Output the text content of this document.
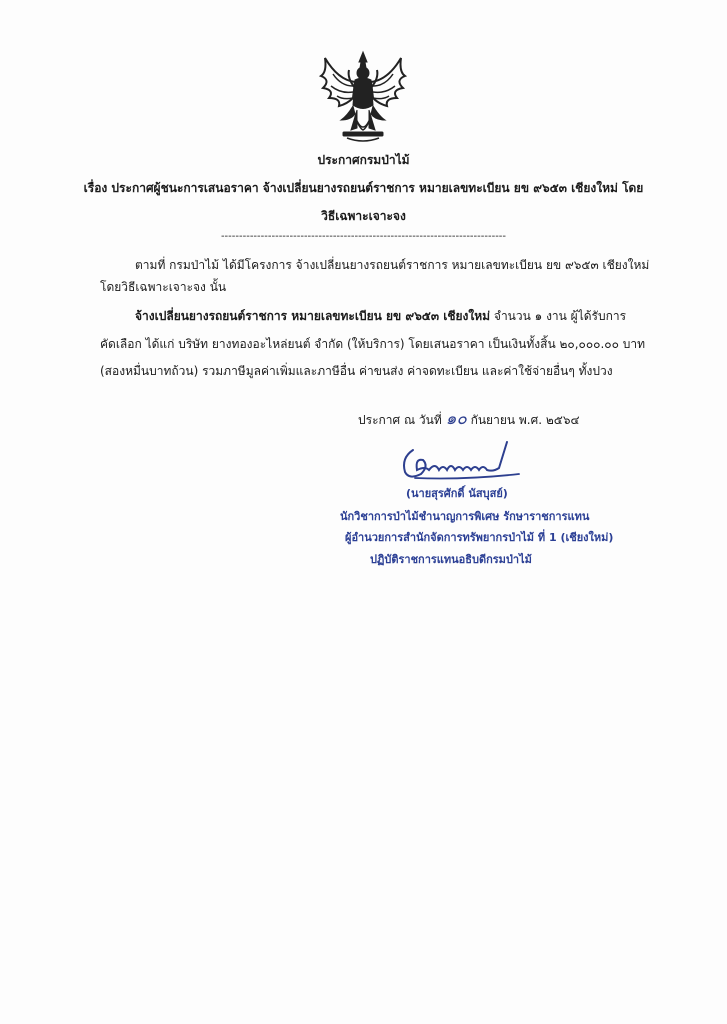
ประกาศกรมป่าไม้
เรื่อง ประกาศผู้ชนะการเสนอราคา จ้างเปลี่ยนยางรถยนต์ราชการ หมายเลขทะเบียน ยข ๙๖๕๓ เชียงใหม่ โดย
วิธีเฉพาะเจาะจง
-------------------------------------------------------------------------------
ตามที่ กรมป่าไม้ ได้มีโครงการ จ้างเปลี่ยนยางรถยนต์ราชการ หมายเลขทะเบียน ยข ๙๖๕๓ เชียงใหม่
โดยวิธีเฉพาะเจาะจง นั้น
จ้างเปลี่ยนยางรถยนต์ราชการ หมายเลขทะเบียน ยข ๙๖๕๓ เชียงใหม่ จำนวน ๑ งาน ผู้ได้รับการ
คัดเลือก ได้แก่ บริษัท ยางทองอะไหล่ยนต์ จำกัด (ให้บริการ) โดยเสนอราคา เป็นเงินทั้งสิ้น ๒๐,๐๐๐.๐๐ บาท
(สองหมื่นบาทถ้วน) รวมภาษีมูลค่าเพิ่มและภาษีอื่น ค่าขนส่ง ค่าจดทะเบียน และค่าใช้จ่ายอื่นๆ ทั้งปวง
ประกาศ ณ วันที่ ๑๐ กันยายน พ.ศ. ๒๕๖๔
(นายสุรศักดิ์ นัสบุสย์)
นักวิชาการป่าไม้ชำนาญการพิเศษ รักษาราชการแทน
ผู้อำนวยการสำนักจัดการทรัพยากรป่าไม้ ที่ 1 (เชียงใหม่)
ปฏิบัติราชการแทนอธิบดีกรมป่าไม้
